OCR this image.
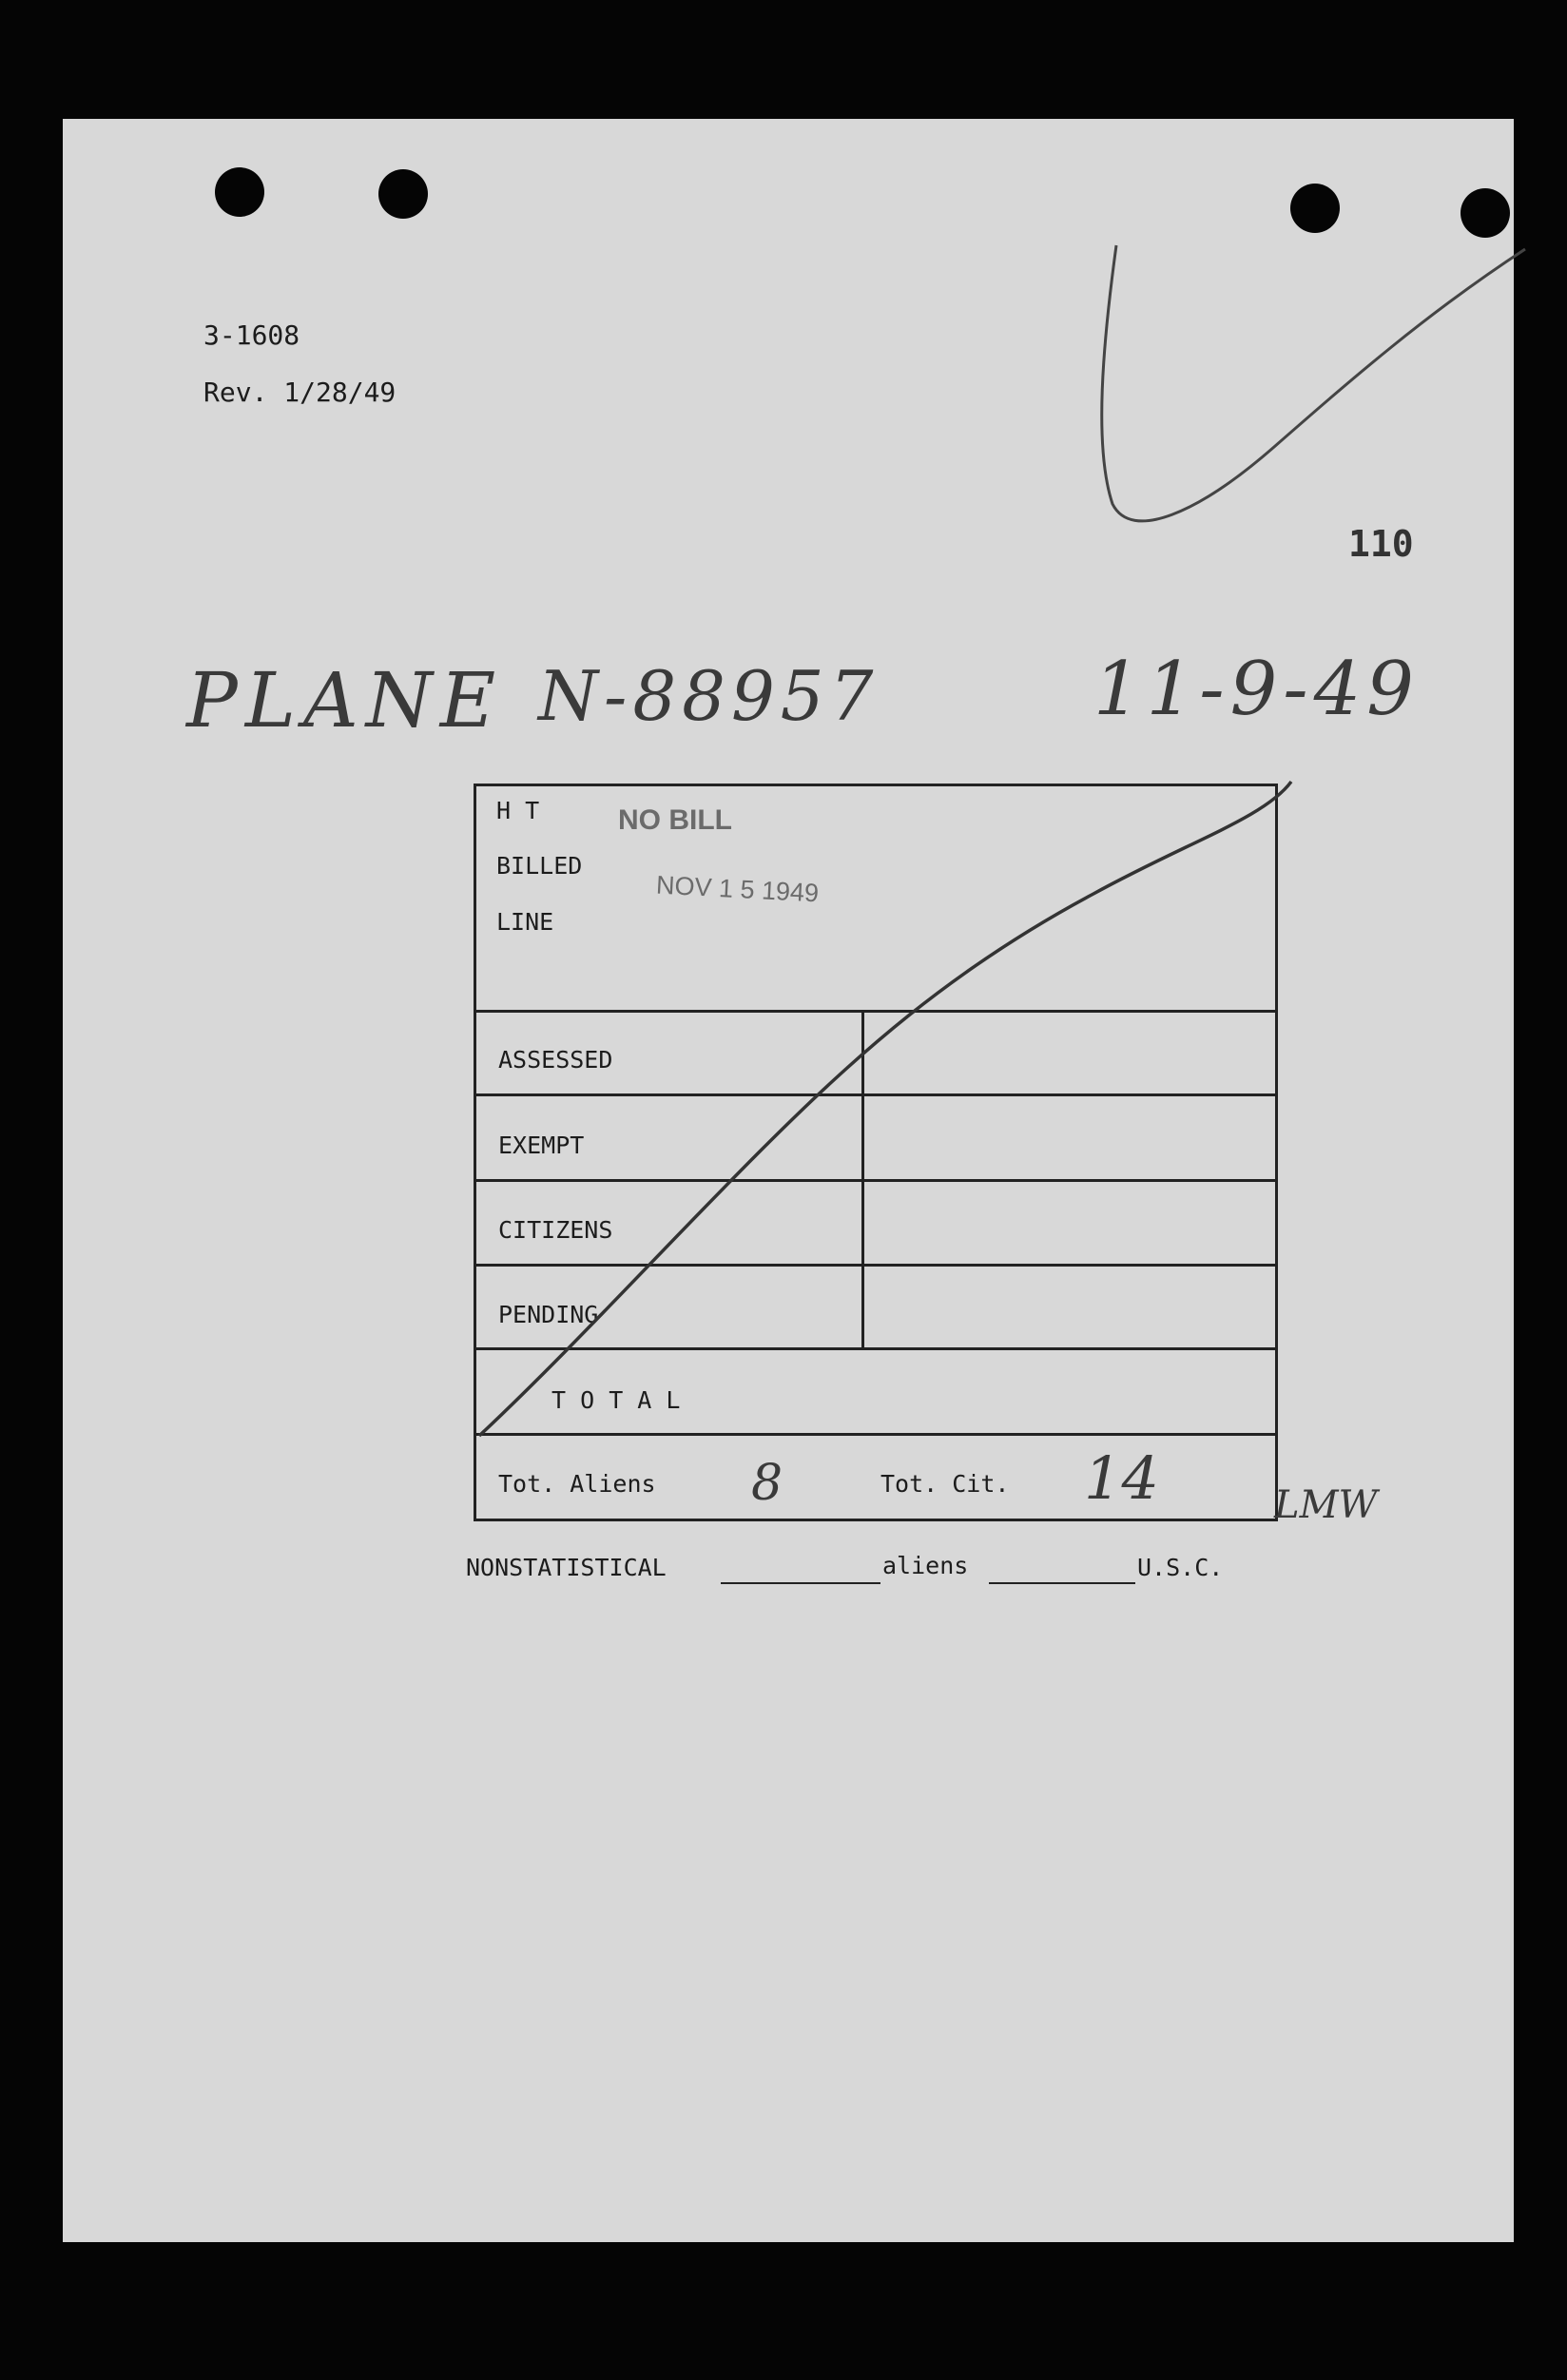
3-1608
Rev. 1/28/49
110
PLANE N-88957	11-9-49
NO BILL
NOV 1 5 1949
H T
BILLED
LINE
ASSESSED
EXEMPT
CITIZENS
PENDING
T O T A L
Tot. Aliens 8	Tot. Cit. 14	LMW
NONSTATISTICAL	aliens	U.S.C.
